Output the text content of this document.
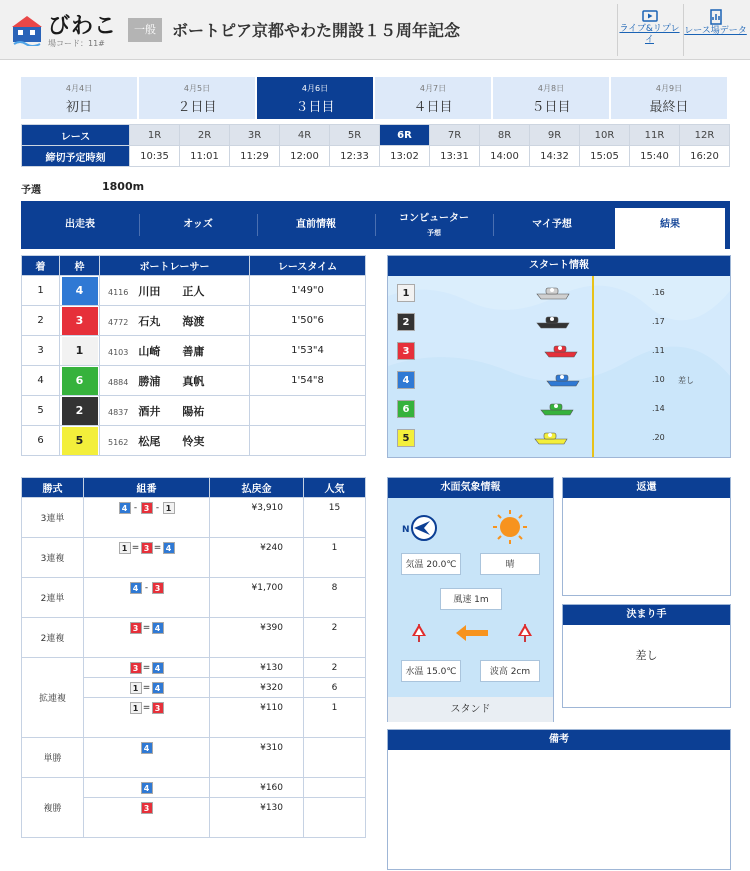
びわこ
場コード：11#
一般	ボートピア京都やわた開設１５周年記念	ライブ&リプレイ
レース場データ
4月4日
初日
4月5日
２日目
4月6日
３日目
4月7日
４日目
4月8日
５日目
4月9日
最終日
レース	1R	2R	3R	4R	5R	6R	7R	8R	9R	10R	11R	12R
締切予定時刻	10:35	11:01	11:29	12:00	12:33	13:02	13:31	14:00	14:32	15:05	15:40	16:20
予選	1800m
出走表	オッズ	直前情報
コンピューター
予想
マイ予想	結果
着	枠	ボートレーサー	レースタイム
1	4	4116 川田　　正人	1'49"0
2	3	4772 石丸　　海渡	1'50"6
3	1	4103 山崎　　善庸	1'53"4
4	6	4884 勝浦　　真帆	1'54"8
5	2	4837 酒井　　陽祐	
6	5	5162 松尾　　怜実	
スタート情報
1	.16
2	.17
3	.11
4	.10 差し
6	.14
5	.20
勝式	組番	払戻金	人気
3連単	4 - 3 - 1	¥3,910	15

3連複	1 = 3 = 4	¥240	1

2連単	4 - 3	¥1,700	8

2連複	3 = 4	¥390	2

拡連複	3 = 4	¥130	2
	1 = 4	¥320	6
	1 = 3	¥110	1

単勝	4	¥310	

複勝	4	¥160	
	3	¥130	

水面気象情報
N
気温 20.0℃	晴
風速 1m
水温 15.0℃	波高 2cm
スタンド
返還
決まり手
差し
備考
